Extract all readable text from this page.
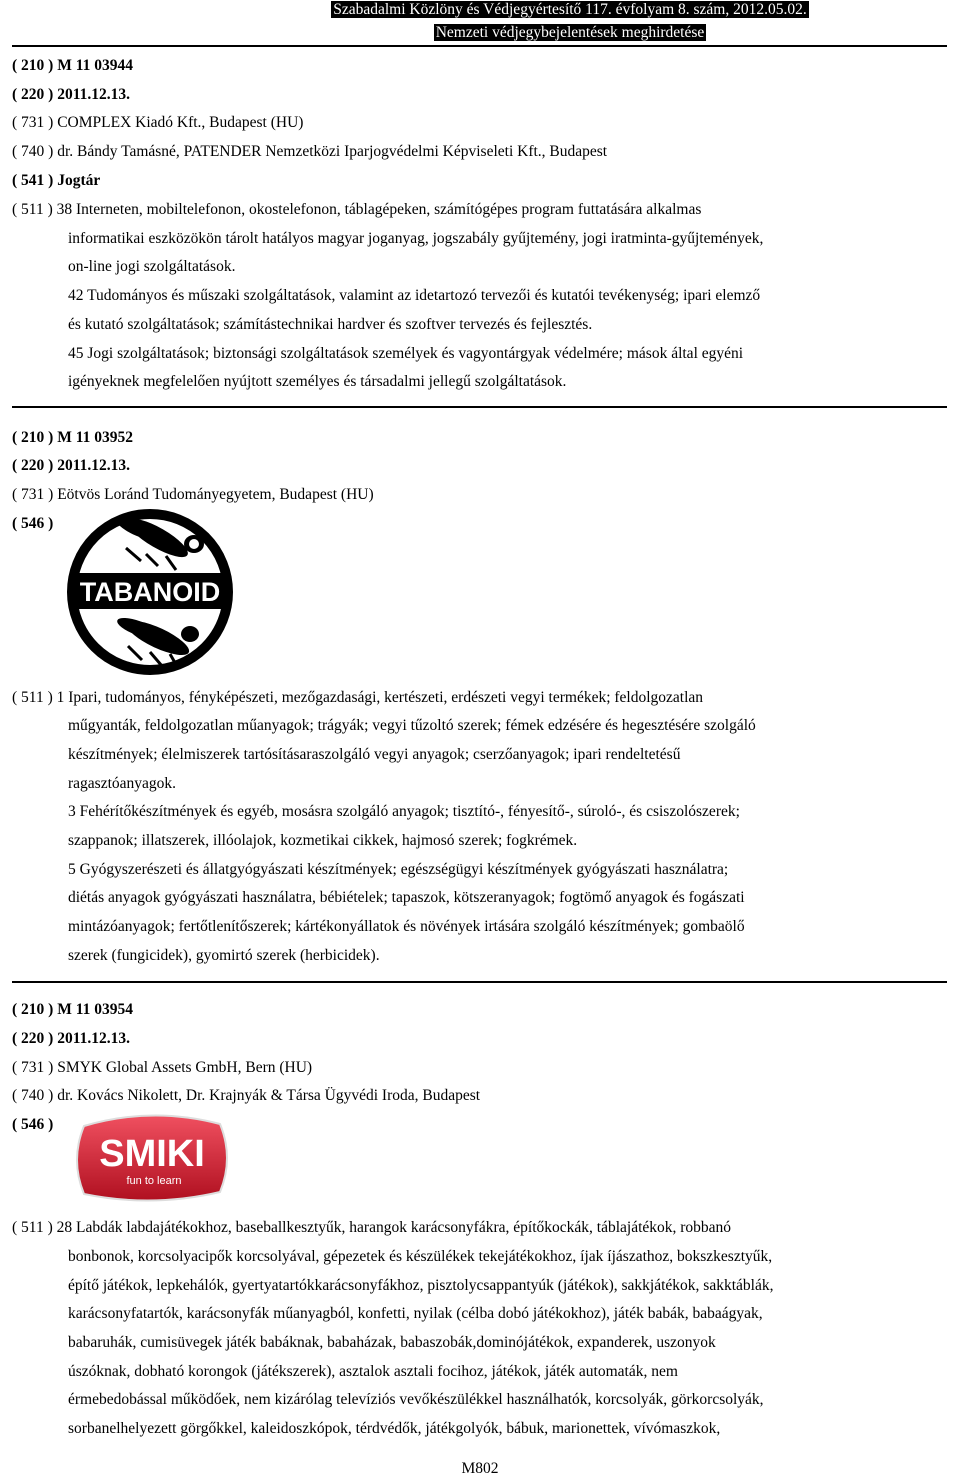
Szabadalmi Közlöny és Védjegyértesítő 117. évfolyam 8. szám, 2012.05.02.
Nemzeti védjegybejelentések meghirdetése
( 210 ) M 11 03944
( 220 ) 2011.12.13.
( 731 ) COMPLEX Kiadó Kft., Budapest (HU)
( 740 ) dr. Bándy Tamásné, PATENDER Nemzetközi Iparjogvédelmi Képviseleti Kft., Budapest
( 541 ) Jogtár
( 511 ) 38 Interneten, mobiltelefonon, okostelefonon, táblagépeken, számítógépes program futtatására alkalmas
informatikai eszközökön tárolt hatályos magyar joganyag, jogszabály gyűjtemény, jogi iratminta-gyűjtemények,
on-line jogi szolgáltatások.
42 Tudományos és műszaki szolgáltatások, valamint az idetartozó tervezői és kutatói tevékenység; ipari elemző
és kutató szolgáltatások; számítástechnikai hardver és szoftver tervezés és fejlesztés.
45 Jogi szolgáltatások; biztonsági szolgáltatások személyek és vagyontárgyak védelmére; mások által egyéni
igényeknek megfelelően nyújtott személyes és társadalmi jellegű szolgáltatások.
( 210 ) M 11 03952
( 220 ) 2011.12.13.
( 731 ) Eötvös Loránd Tudományegyetem, Budapest (HU)
( 546 )
TABANOID
( 511 ) 1 Ipari, tudományos, fényképészeti, mezőgazdasági, kertészeti, erdészeti vegyi termékek; feldolgozatlan
műgyanták, feldolgozatlan műanyagok; trágyák; vegyi tűzoltó szerek; fémek edzésére és hegesztésére szolgáló
készítmények; élelmiszerek tartósításaraszolgáló vegyi anyagok; cserzőanyagok; ipari rendeltetésű
ragasztóanyagok.
3 Fehérítőkészítmények és egyéb, mosásra szolgáló anyagok; tisztító-, fényesítő-, súroló-, és csiszolószerek;
szappanok; illatszerek, illóolajok, kozmetikai cikkek, hajmosó szerek; fogkrémek.
5 Gyógyszerészeti és állatgyógyászati készítmények; egészségügyi készítmények gyógyászati használatra;
diétás anyagok gyógyászati használatra, bébiételek; tapaszok, kötszeranyagok; fogtömő anyagok és fogászati
mintázóanyagok; fertőtlenítőszerek; kártékonyállatok és növények irtására szolgáló készítmények; gombaölő
szerek (fungicidek), gyomirtó szerek (herbicidek).
( 210 ) M 11 03954
( 220 ) 2011.12.13.
( 731 ) SMYK Global Assets GmbH, Bern (HU)
( 740 ) dr. Kovács Nikolett, Dr. Krajnyák & Társa Ügyvédi Iroda, Budapest
( 546 )
SMIKI
fun to learn
( 511 ) 28 Labdák labdajátékokhoz, baseballkesztyűk, harangok karácsonyfákra, építőkockák, táblajátékok, robbanó
bonbonok, korcsolyacipők korcsolyával, gépezetek és készülékek tekejátékokhoz, íjak íjászathoz, bokszkesztyűk,
építő játékok, lepkehálók, gyertyatartókkarácsonyfákhoz, pisztolycsappantyúk (játékok), sakkjátékok, sakktáblák,
karácsonyfatartók, karácsonyfák műanyagból, konfetti, nyilak (célba dobó játékokhoz), játék babák, babaágyak,
babaruhák, cumisüvegek játék babáknak, babaházak, babaszobák,dominójátékok, expanderek, uszonyok
úszóknak, dobható korongok (játékszerek), asztalok asztali focihoz, játékok, játék automaták, nem
érmebedobással működőek, nem kizárólag televíziós vevőkészülékkel használhatók, korcsolyák, görkorcsolyák,
sorbanelhelyezett görgőkkel, kaleidoszkópok, térdvédők, játékgolyók, bábuk, marionettek, vívómaszkok,
M802
